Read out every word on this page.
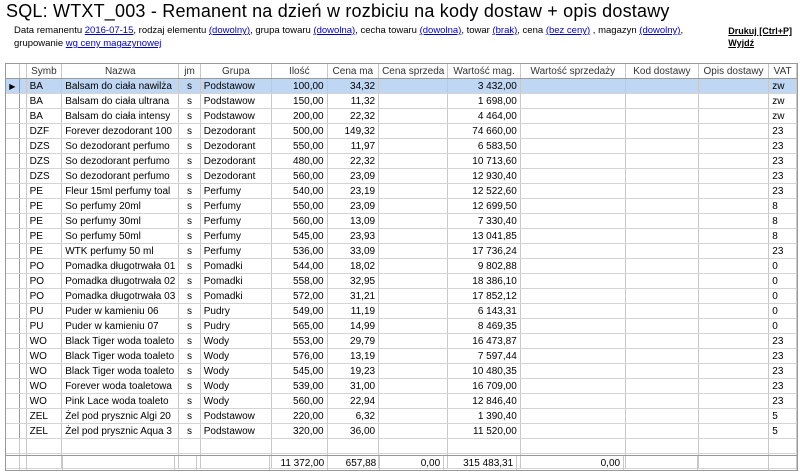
SQL: WTXT_003 - Remanent na dzień w rozbiciu na kody dostaw + opis dostawy
Data remanentu 2016-07-15, rodzaj elementu (dowolny), grupa towaru (dowolna), cecha towaru (dowolna), towar (brak), cena (bez ceny) , magazyn (dowolny),
grupowanie wg ceny magazynowej
Drukuj [Ctrl+P]
Wyjdź
		Symb	Nazwa	jm	Grupa	Ilość	Cena ma	Cena sprzeda	Wartość mag.	Wartość sprzedaży	Kod dostawy	Opis dostawy	VAT
▶		BA	Balsam do ciała nawilża	s	Podstawow	100,00	34,32		3 432,00				zw
		BA	Balsam do ciała ultrana	s	Podstawow	150,00	11,32		1 698,00				zw
		BA	Balsam do ciała intensy	s	Podstawow	200,00	22,32		4 464,00				zw
		DZF	Forever dezodorant 100	s	Dezodorant	500,00	149,32		74 660,00				23
		DZS	So dezodorant perfumo	s	Dezodorant	550,00	11,97		6 583,50				23
		DZS	So dezodorant perfumo	s	Dezodorant	480,00	22,32		10 713,60				23
		DZS	So dezodorant perfumo	s	Dezodorant	560,00	23,09		12 930,40				23
		PE	Fleur 15ml perfumy toal	s	Perfumy	540,00	23,19		12 522,60				23
		PE	So perfumy 20ml	s	Perfumy	550,00	23,09		12 699,50				8
		PE	So perfumy 30ml	s	Perfumy	560,00	13,09		7 330,40				8
		PE	So perfumy 50ml	s	Perfumy	545,00	23,93		13 041,85				8
		PE	WTK perfumy 50 ml	s	Perfumy	536,00	33,09		17 736,24				23
		PO	Pomadka długotrwała 01	s	Pomadki	544,00	18,02		9 802,88				0
		PO	Pomadka długotrwała 02	s	Pomadki	558,00	32,95		18 386,10				0
		PO	Pomadka długotrwała 03	s	Pomadki	572,00	31,21		17 852,12				0
		PU	Puder w kamieniu 06	s	Pudry	549,00	11,19		6 143,31				0
		PU	Puder w kamieniu 07	s	Pudry	565,00	14,99		8 469,35				0
		WO	Black Tiger woda toaleto	s	Wody	553,00	29,79		16 473,87				23
		WO	Black Tiger woda toaleto	s	Wody	576,00	13,19		7 597,44				23
		WO	Black Tiger woda toaleto	s	Wody	545,00	19,23		10 480,35				23
		WO	Forever woda toaletowa	s	Wody	539,00	31,00		16 709,00				23
		WO	Pink Lace woda toaleto	s	Wody	560,00	22,94		12 846,40				23
		ZEL	Żel pod prysznic Algi 20	s	Podstawow	220,00	6,32		1 390,40				5
		ZEL	Żel pod prysznic Aqua 3	s	Podstawow	320,00	36,00		11 520,00				5

						11 372,00	657,88	0,00	315 483,31	0,00			
